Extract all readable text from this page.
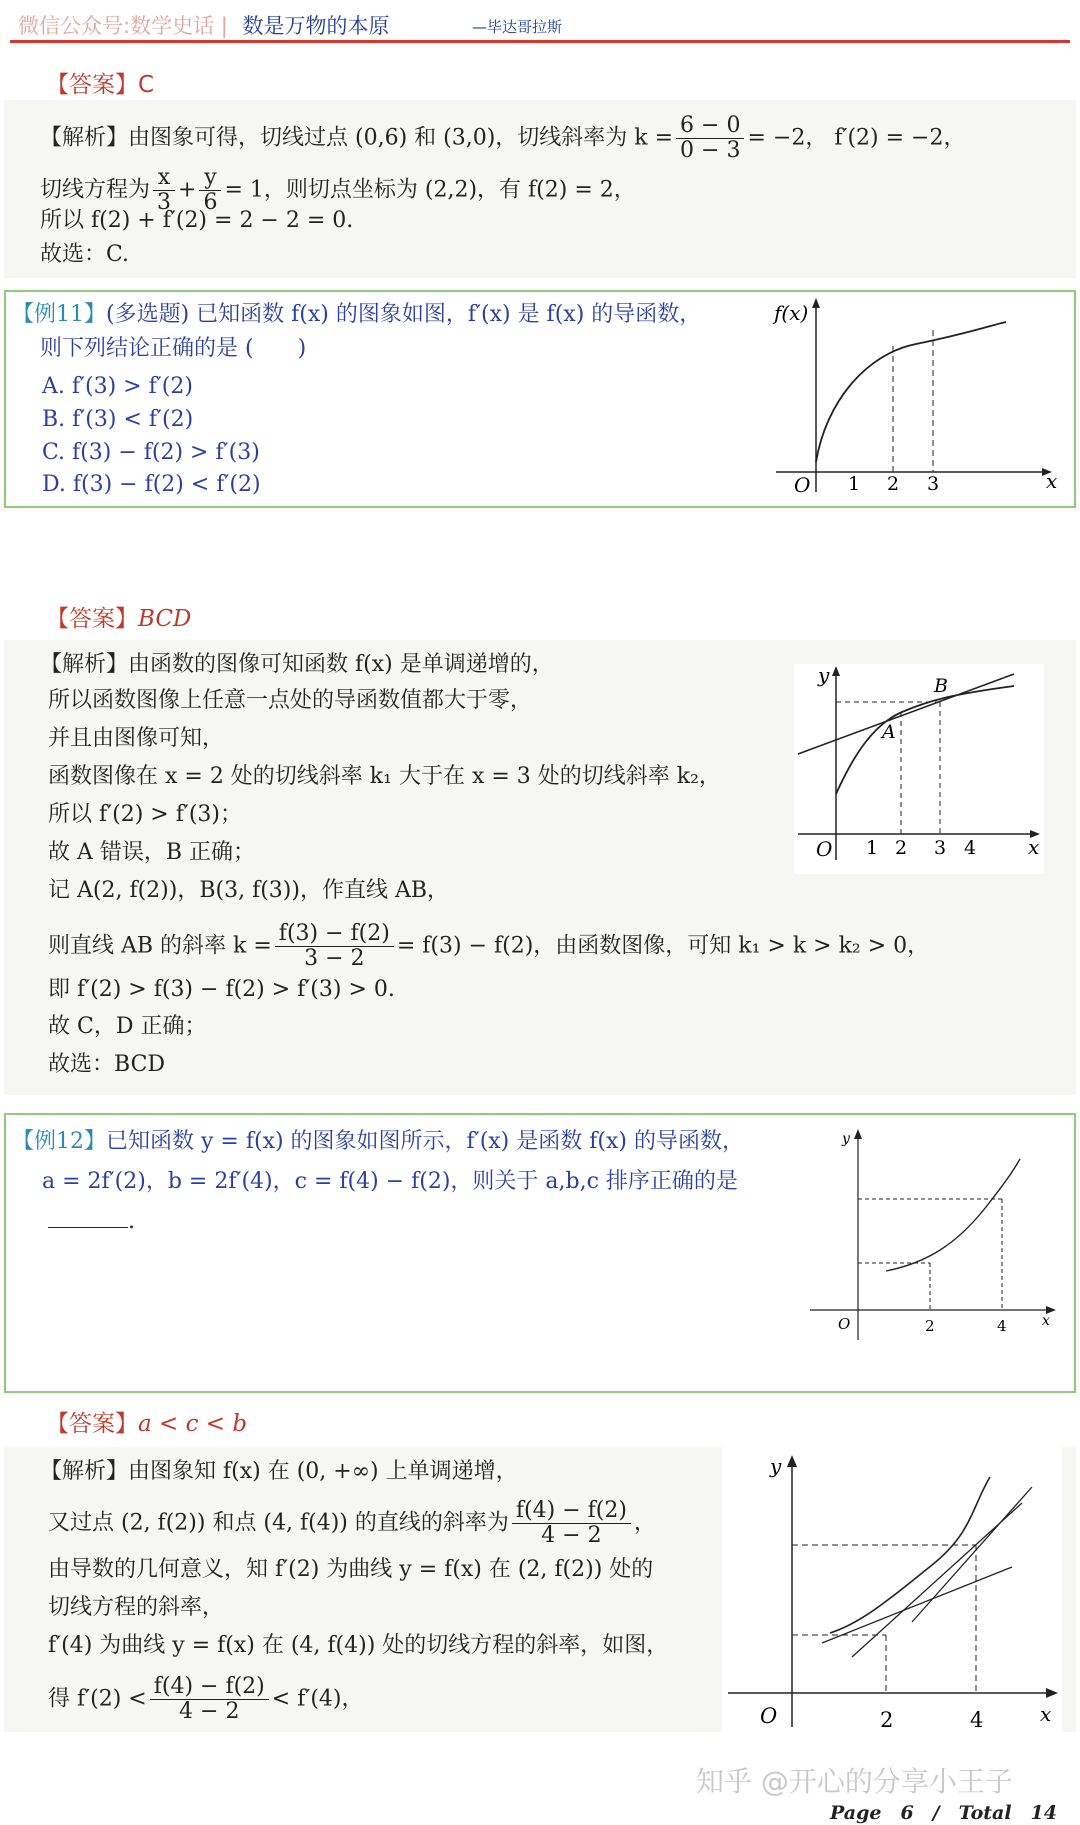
微信公众号:数学史话 | 数是万物的本原	—毕达哥拉斯
【答案】C
【解析】由图象可得，切线过点 (0,6) 和 (3,0)，切线斜率为 $k = \frac{6 - 0}{0 - 3} = -2$， f′(2) = −2，
切线方程为 $\frac{x}{3} + \frac{y}{6} = 1$，则切点坐标为 (2,2)，有 f(2) = 2，
所以 f(2) + f′(2) = 2 − 2 = 0.
故选：C.
【例11】(多选题) 已知函数 f(x) 的图象如图，f′(x) 是 f(x) 的导函数，
则下列结论正确的是 (　　)
A. f′(3) > f′(2)
B. f′(3) < f′(2)
C. f(3) − f(2) > f′(3)
D. f(3) − f(2) < f′(2)
f(x)
O	x
1 2 3
【答案】BCD
【解析】由函数的图像可知函数 f(x) 是单调递增的，
所以函数图像上任意一点处的导函数值都大于零，
并且由图像可知，
函数图像在 x = 2 处的切线斜率 k₁ 大于在 x = 3 处的切线斜率 k₂，
所以 f′(2) > f′(3)；
故 A 错误，B 正确；
记 A(2, f(2))，B(3, f(3))，作直线 AB，
则直线 AB 的斜率 $k = \frac{f(3) - f(2)}{3 - 2} = f(3) - f(2)$，由函数图像，可知 k₁ > k > k₂ > 0，
即 f′(2) > f(3) − f(2) > f′(3) > 0.
故 C，D 正确；
故选：BCD
y
x
O
A
B
1 2 3 4
【例12】已知函数 y = f(x) 的图象如图所示，f′(x) 是函数 f(x) 的导函数，
a = 2f′(2)，b = 2f′(4)，c = f(4) − f(2)，则关于 a,b,c 排序正确的是
.
y
x
O	2	4
【答案】a < c < b
【解析】由图象知 f(x) 在 (0, +∞) 上单调递增，
又过点 (2, f(2)) 和点 (4, f(4)) 的直线的斜率为 $\frac{f(4) - f(2)}{4 - 2}$ ，
由导数的几何意义，知 f′(2) 为曲线 y = f(x) 在 (2, f(2)) 处的
切线方程的斜率，
f′(4) 为曲线 y = f(x) 在 (4, f(4)) 处的切线方程的斜率，如图，
得 $f'(2) < \frac{f(4) - f(2)}{4 - 2} < f'(4)$，
y
x
O	2	4
知乎 @开心的分享小王子
Page　6　/　Total　14
